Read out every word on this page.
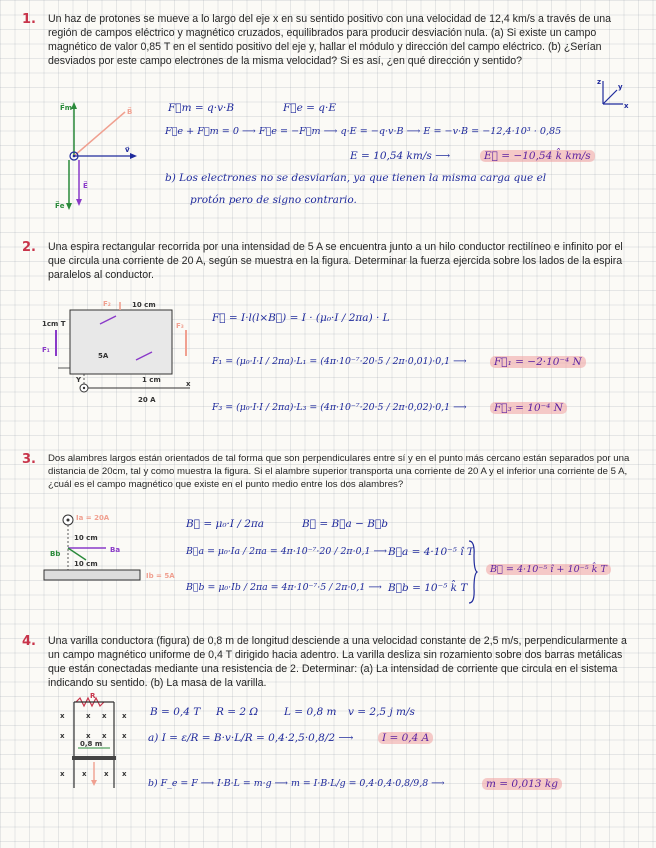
1. Un haz de protones se mueve a lo largo del eje x en su sentido positivo con una velocidad de 12,4 km/s a través de una región de campos eléctrico y magnético cruzados, equilibrados para producir desviación nula. (a) Si existe un campo magnético de valor 0,85 T en el sentido positivo del eje y, hallar el módulo y dirección del campo eléctrico. (b) ¿Serían desviados por este campo electrones de la misma velocidad? Si es así, ¿en qué dirección y sentido?

z
y
x
F⃗m	B⃗
v⃗
E⃗
F⃗e
F⃗m = q·v·B	F⃗e = q·E
F⃗e + F⃗m = 0 ⟶ F⃗e = −F⃗m ⟶ q·E = −q·v·B ⟶ E = −v·B = −12,4·10³ · 0,85
E = 10,54 km/s ⟶	E⃗ = −10,54 k̂ km/s
b) Los electrones no se desviarían, ya que tienen la misma carga que el
protón pero de signo contrario.
2. Una espira rectangular recorrida por una intensidad de 5 A se encuentra junto a un hilo conductor rectilíneo e infinito por el que circula una corriente de 20 A, según se muestra en la figura. Determinar la fuerza ejercida sobre los lados de la espira paralelos al conductor.

F₂	10 cm
1cm T
F₁
F₃
5A
Y	1 cm
20 A
x
F⃗ = I·l(l×B⃗) = I · (μ₀·I / 2πa) · L
F₁ = (μ₀·I·I / 2πa)·L₁ = (4π·10⁻⁷·20·5 / 2π·0,01)·0,1 ⟶	F⃗₁ = −2·10⁻⁴ N
F₃ = (μ₀·I·I / 2πa)·L₃ = (4π·10⁻⁷·20·5 / 2π·0,02)·0,1 ⟶	F⃗₃ = 10⁻⁴ N
3. Dos alambres largos están orientados de tal forma que son perpendiculares entre sí y en el punto más cercano están separados por una distancia de 20cm, tal y como muestra la figura. Si el alambre superior transporta una corriente de 20 A y el inferior una corriente de 5 A, ¿cuál es el campo magnético que existe en el punto medio entre los dos alambres?

Ia = 20A
10 cm
10 cm
Ba
Bb
Ib = 5A
B⃗ = μ₀·I / 2πa	B⃗ = B⃗a − B⃗b
B⃗a = μ₀·Ia / 2πa = 4π·10⁻⁷·20 / 2π·0,1 ⟶ B⃗a = 4·10⁻⁵ î T
B⃗b = μ₀·Ib / 2πa = 4π·10⁻⁷·5 / 2π·0,1 ⟶ B⃗b = 10⁻⁵ k̂ T
B⃗ = 4·10⁻⁵ î + 10⁻⁵ k̂ T
4. Una varilla conductora (figura) de 0,8 m de longitud desciende a una velocidad constante de 2,5 m/s, perpendicularmente a un campo magnético uniforme de 0,4 T dirigido hacia adentro. La varilla desliza sin rozamiento sobre dos barras metálicas que están conectadas mediante una resistencia de 2. Determinar: (a) La intensidad de corriente que circula en el sistema indicando su sentido. (b) La masa de la varilla.

R
0,8 m
x	x x x
x	x x x
x x x x
B = 0,4 T R = 2 Ω L = 0,8 m v = 2,5 j m/s
a) I = ε/R = B·v·L/R = 0,4·2,5·0,8/2 ⟶	I = 0,4 A
b) F_e = F ⟶ I·B·L = m·g ⟶ m = I·B·L/g = 0,4·0,4·0,8/9,8 ⟶	m = 0,013 kg
